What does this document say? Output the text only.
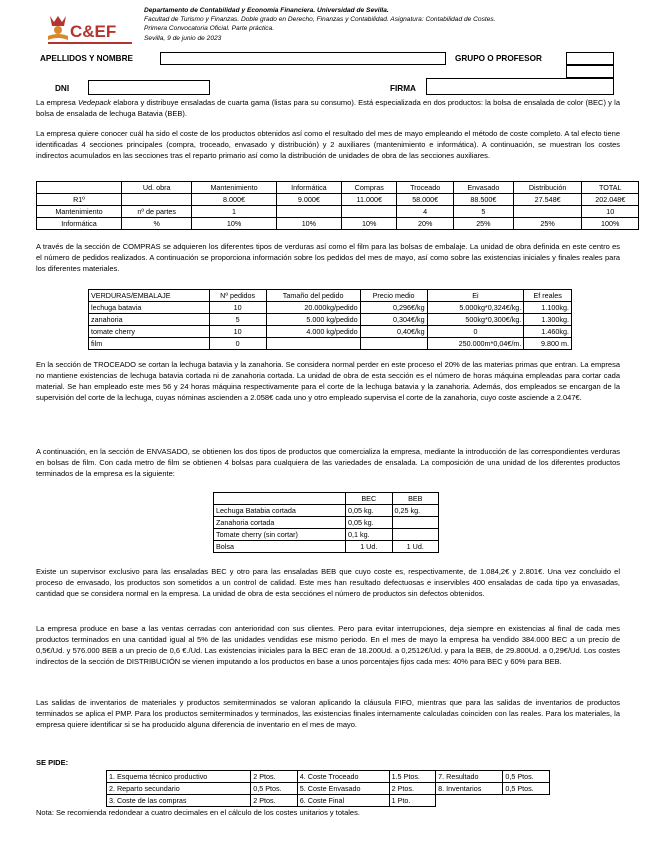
C&EF
Departamento de Contabilidad y Economía Financiera. Universidad de Sevilla.
Facultad de Turismo y Finanzas. Doble grado en Derecho, Finanzas y Contabilidad. Asignatura: Contabilidad de Costes.
Primera Convocatoria Oficial. Parte práctica.
Sevilla, 9 de junio de 2023
APELLIDOS Y NOMBRE	GRUPO O PROFESOR
DNI	FIRMA
La empresa Vedepack elabora y distribuye ensaladas de cuarta gama (listas para su consumo). Está especializada en dos productos: la bolsa de ensalada de color (BEC) y la bolsa de ensalada de lechuga Batavia (BEB).
La empresa quiere conocer cuál ha sido el coste de los productos obtenidos así como el resultado del mes de mayo empleando el método de coste completo. A tal efecto tiene identificadas 4 secciones principales (compra, troceado, envasado y distribución) y 2 auxiliares (mantenimiento e informática). A continuación, se muestran los costes indirectos acumulados en las secciones tras el reparto primario así como la distribución de unidades de obra de las secciones auxiliares.
	Ud. obra	Mantenimiento	Informática	Compras	Troceado	Envasado	Distribución	TOTAL
R1º		8.000€	9.000€	11.000€	58.000€	88.500€	27.548€	202.048€
Mantenimiento	nº de partes	1			4	5		10
Informática	%	10%	10%	10%	20%	25%	25%	100%
A través de la sección de COMPRAS se adquieren los diferentes tipos de verduras así como el film para las bolsas de embalaje. La unidad de obra definida en este centro es el número de pedidos realizados. A continuación se proporciona información sobre los pedidos del mes de mayo, así como sobre las existencias iniciales y finales reales para los diferentes materiales.
VERDURAS/EMBALAJE	Nº pedidos	Tamaño del pedido	Precio medio	Ei	Ef reales
lechuga batavia	10	20.000kg/pedido	0,296€/kg	5.000kg*0,324€/kg.	1.100kg.
zanahoria	5	5.000 kg/pedido	0,304€/kg	500kg*0,300€/kg.	1.300kg.
tomate cherry	10	4.000 kg/pedido	0,40€/kg	0	1.460kg.
film	0			250.000m*0,04€/m.	9.800 m.
En la sección de TROCEADO se cortan la lechuga batavia y la zanahoria. Se considera normal perder en este proceso el 20% de las materias primas que entran. La empresa no mantiene existencias de lechuga batavia cortada ni de zanahoria cortada. La unidad de obra de esta sección es el número de horas máquina empleadas para cortar cada material. Se han empleado este mes 56 y 24 horas máquina respectivamente para el corte de la lechuga batavia y la zanahoria. Además, dos empleados se encargan de la supervisión del corte de la lechuga, cuyas nóminas ascienden a 2.058€ cada uno y otro empleado supervisa el corte de la zanahoria, cuyo coste asciende a 2.047€.
A continuación, en la sección de ENVASADO, se obtienen los dos tipos de productos que comercializa la empresa, mediante la introducción de las correspondientes verduras en bolsas de film. Con cada metro de film se obtienen 4 bolsas para cualquiera de las variedades de ensalada. La composición de una unidad de los diferentes productos terminados de la empresa es la siguiente:
	BEC	BEB
Lechuga Batabia cortada	0,05 kg.	0,25 kg.
Zanahoria cortada	0,05 kg.	
Tomate cherry (sin cortar)	0,1 kg.	
Bolsa	1 Ud.	1 Ud.
Existe un supervisor exclusivo para las ensaladas BEC y otro para las ensaladas BEB que cuyo coste es, respectivamente, de 1.084,2€ y 2.801€. Una vez concluido el proceso de envasado, los productos son sometidos a un control de calidad. Este mes han resultado defectuosas e inservibles 400 ensaladas de cada tipo ya envasadas, cantidad que se considera normal en la empresa. La unidad de obra de esta secciónes el número de productos sin defectos obtenidos.
La empresa produce en base a las ventas cerradas con anterioridad con sus clientes. Pero para evitar interrupciones, deja siempre en existencias al final de cada mes productos terminados en una cantidad igual al 5% de las unidades vendidas ese mismo periodo. En el mes de mayo la empresa ha vendido 384.000 BEC a un precio de 0,5€/Ud. y 576.000 BEB a un precio de 0,6 €./Ud. Las existencias iniciales para la BEC eran de 18.200Ud. a 0,2512€/Ud. y para la BEB, de 29.800Ud. a 0,29€/Ud. Los costes indirectos de la sección de DISTRIBUCIÓN se vienen imputando a los productos en base a unos porcentajes fijos cada mes: 40% para BEC y 60% para BEB.
Las salidas de inventarios de materiales y productos semiterminados se valoran aplicando la cláusula FIFO, mientras que para las salidas de inventarios de productos terminados se aplica el PMP. Para los productos semiterminados y terminados, las existencias finales internamente calculadas coinciden con las reales. Para los materiales, la empresa quiere identificar si se ha producido alguna diferencia de inventario en el mes de mayo.
SE PIDE:
1. Esquema técnico productivo	2 Ptos.	4. Coste Troceado	1.5 Ptos.	7. Resultado	0,5 Ptos.
2. Reparto secundario	0,5 Ptos.	5. Coste Envasado	2 Ptos.	8. Inventarios	0,5 Ptos.
3. Coste de las compras	2 Ptos.	6. Coste Final	1 Pto.		
Nota: Se recomienda redondear a cuatro decimales en el cálculo de los costes unitarios y totales.
